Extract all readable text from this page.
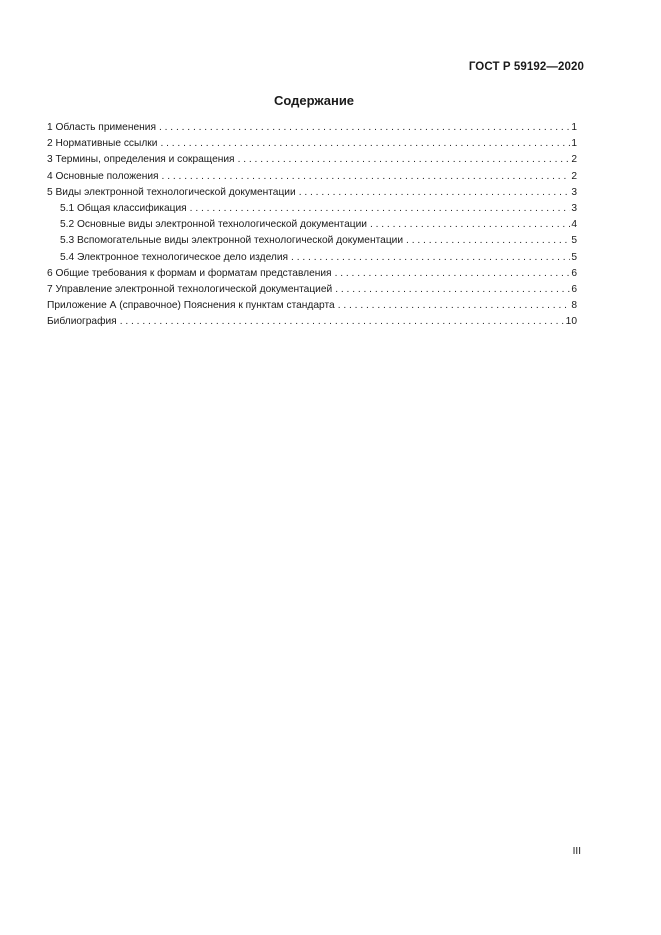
ГОСТ Р 59192—2020
Содержание
1 Область применения . . .	1
2 Нормативные ссылки . . .	1
3 Термины, определения и сокращения . . .	2
4 Основные положения . . .	2
5 Виды электронной технологической документации . . .	3
5.1 Общая классификация . . .	3
5.2 Основные виды электронной технологической документации . . .	4
5.3 Вспомогательные виды электронной технологической документации . . .	5
5.4 Электронное технологическое дело изделия . . .	5
6 Общие требования к формам и форматам представления . . .	6
7 Управление электронной технологической документацией . . .	6
Приложение А (справочное) Пояснения к пунктам стандарта . . .	8
Библиография . . .	10
III
